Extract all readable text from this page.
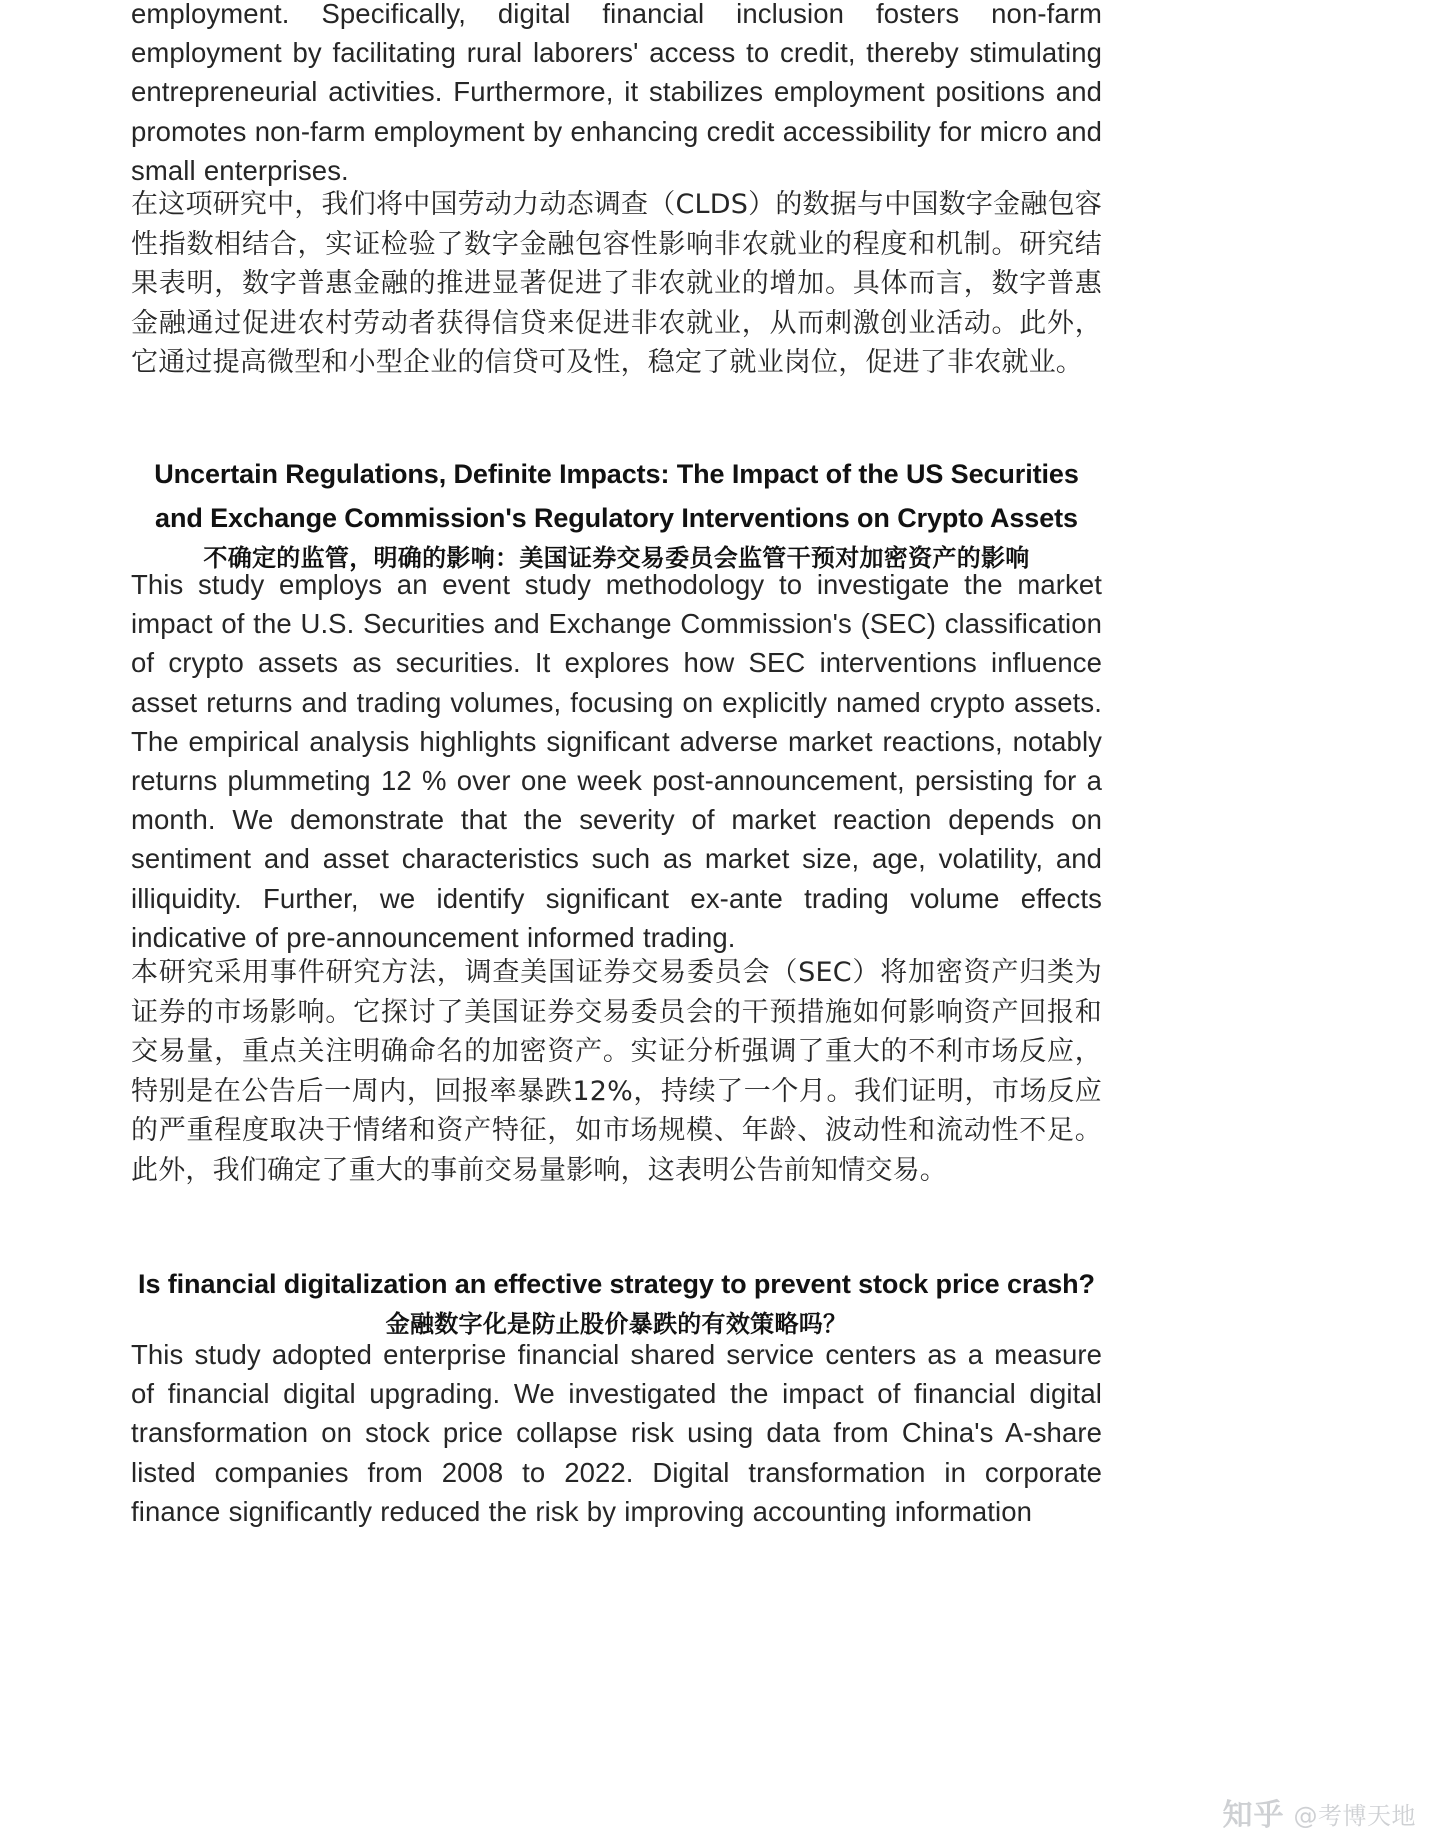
employment. Specifically, digital financial inclusion fosters non-farm employment by facilitating rural laborers' access to credit, thereby stimulating entrepreneurial activities. Furthermore, it stabilizes employment positions and promotes non-farm employment by enhancing credit accessibility for micro and small enterprises.

在这项研究中，我们将中国劳动力动态调查（CLDS）的数据与中国数字金融包容性指数相结合，实证检验了数字金融包容性影响非农就业的程度和机制。研究结果表明，数字普惠金融的推进显著促进了非农就业的增加。具体而言，数字普惠金融通过促进农村劳动者获得信贷来促进非农就业，从而刺激创业活动。此外，它通过提高微型和小型企业的信贷可及性，稳定了就业岗位，促进了非农就业。

Uncertain Regulations, Definite Impacts: The Impact of the US Securities and Exchange Commission's Regulatory Interventions on Crypto Assets
不确定的监管，明确的影响：美国证券交易委员会监管干预对加密资产的影响

This study employs an event study methodology to investigate the market impact of the U.S. Securities and Exchange Commission's (SEC) classification of crypto assets as securities. It explores how SEC interventions influence asset returns and trading volumes, focusing on explicitly named crypto assets. The empirical analysis highlights significant adverse market reactions, notably returns plummeting 12 % over one week post-announcement, persisting for a month. We demonstrate that the severity of market reaction depends on sentiment and asset characteristics such as market size, age, volatility, and illiquidity. Further, we identify significant ex-ante trading volume effects indicative of pre-announcement informed trading.

本研究采用事件研究方法，调查美国证券交易委员会（SEC）将加密资产归类为证券的市场影响。它探讨了美国证券交易委员会的干预措施如何影响资产回报和交易量，重点关注明确命名的加密资产。实证分析强调了重大的不利市场反应，特别是在公告后一周内，回报率暴跌12%，持续了一个月。我们证明，市场反应的严重程度取决于情绪和资产特征，如市场规模、年龄、波动性和流动性不足。此外，我们确定了重大的事前交易量影响，这表明公告前知情交易。

Is financial digitalization an effective strategy to prevent stock price crash?
金融数字化是防止股价暴跌的有效策略吗？

This study adopted enterprise financial shared service centers as a measure of financial digital upgrading. We investigated the impact of financial digital transformation on stock price collapse risk using data from China's A-share listed companies from 2008 to 2022. Digital transformation in corporate finance significantly reduced the risk by improving accounting information

知乎 @考博天地
